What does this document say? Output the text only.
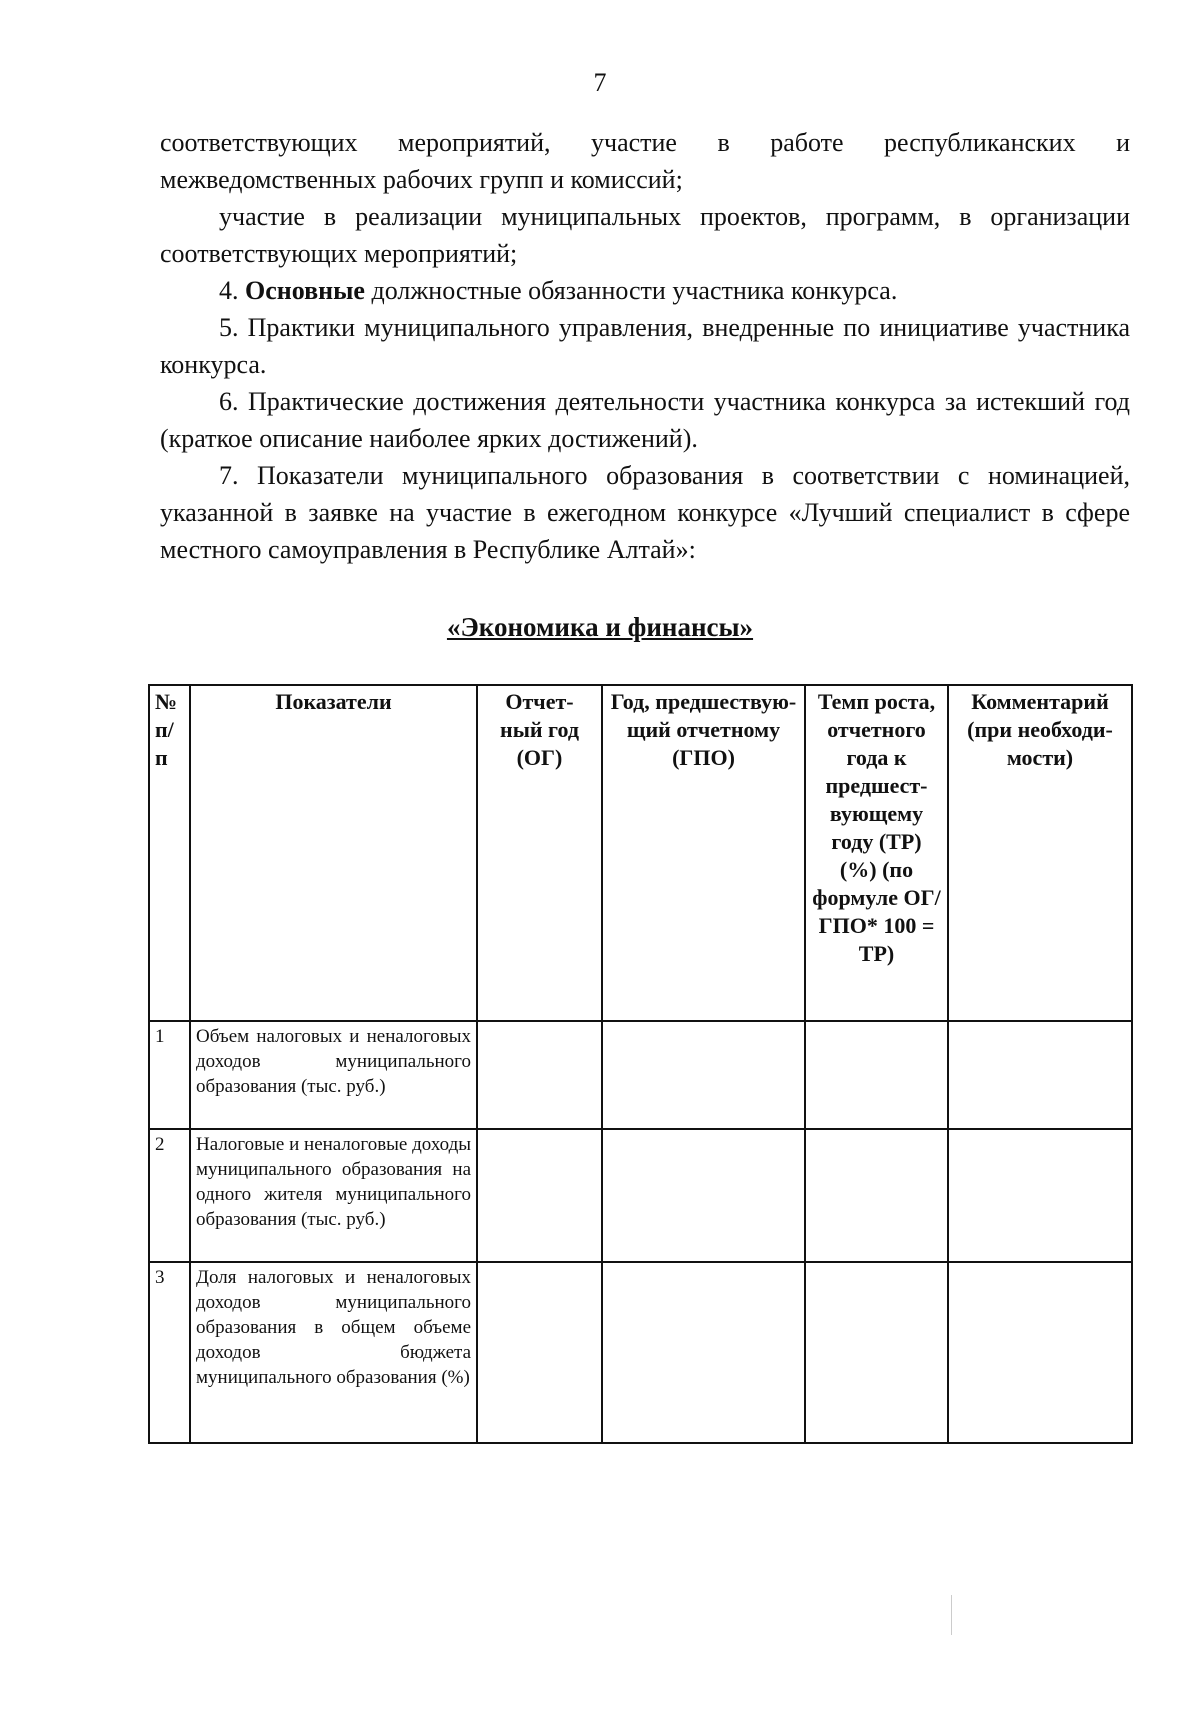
7

соответствующих мероприятий, участие в работе республиканских и межведомственных рабочих групп и комиссий;

участие в реализации муниципальных проектов, программ, в организации соответствующих мероприятий;

4. Основные должностные обязанности участника конкурса.

5. Практики муниципального управления, внедренные по инициативе участника конкурса.

6. Практические достижения деятельности участника конкурса за истекший год (краткое описание наиболее ярких достижений).

7. Показатели муниципального образования в соответствии с номинацией, указанной в заявке на участие в ежегодном конкурсе «Лучший специалист в сфере местного самоуправления в Республике Алтай»:

«Экономика и финансы»
№ п/ п	Показатели	Отчет- ный год (ОГ)	Год, предшествую- щий отчетному (ГПО)	Темп роста, отчетного года к предшест- вующему году (ТР) (%) (по формуле ОГ/ГПО* 100 = ТР)	Комментарий (при необходи- мости)
1	Объем налоговых и неналоговых доходов муниципального образования (тыс. руб.)				
2	Налоговые и неналоговые доходы муниципального образования на одного жителя муниципального образования (тыс. руб.)				
3	Доля налоговых и неналоговых доходов муниципального образования в общем объеме доходов бюджета муниципального образования (%)				
